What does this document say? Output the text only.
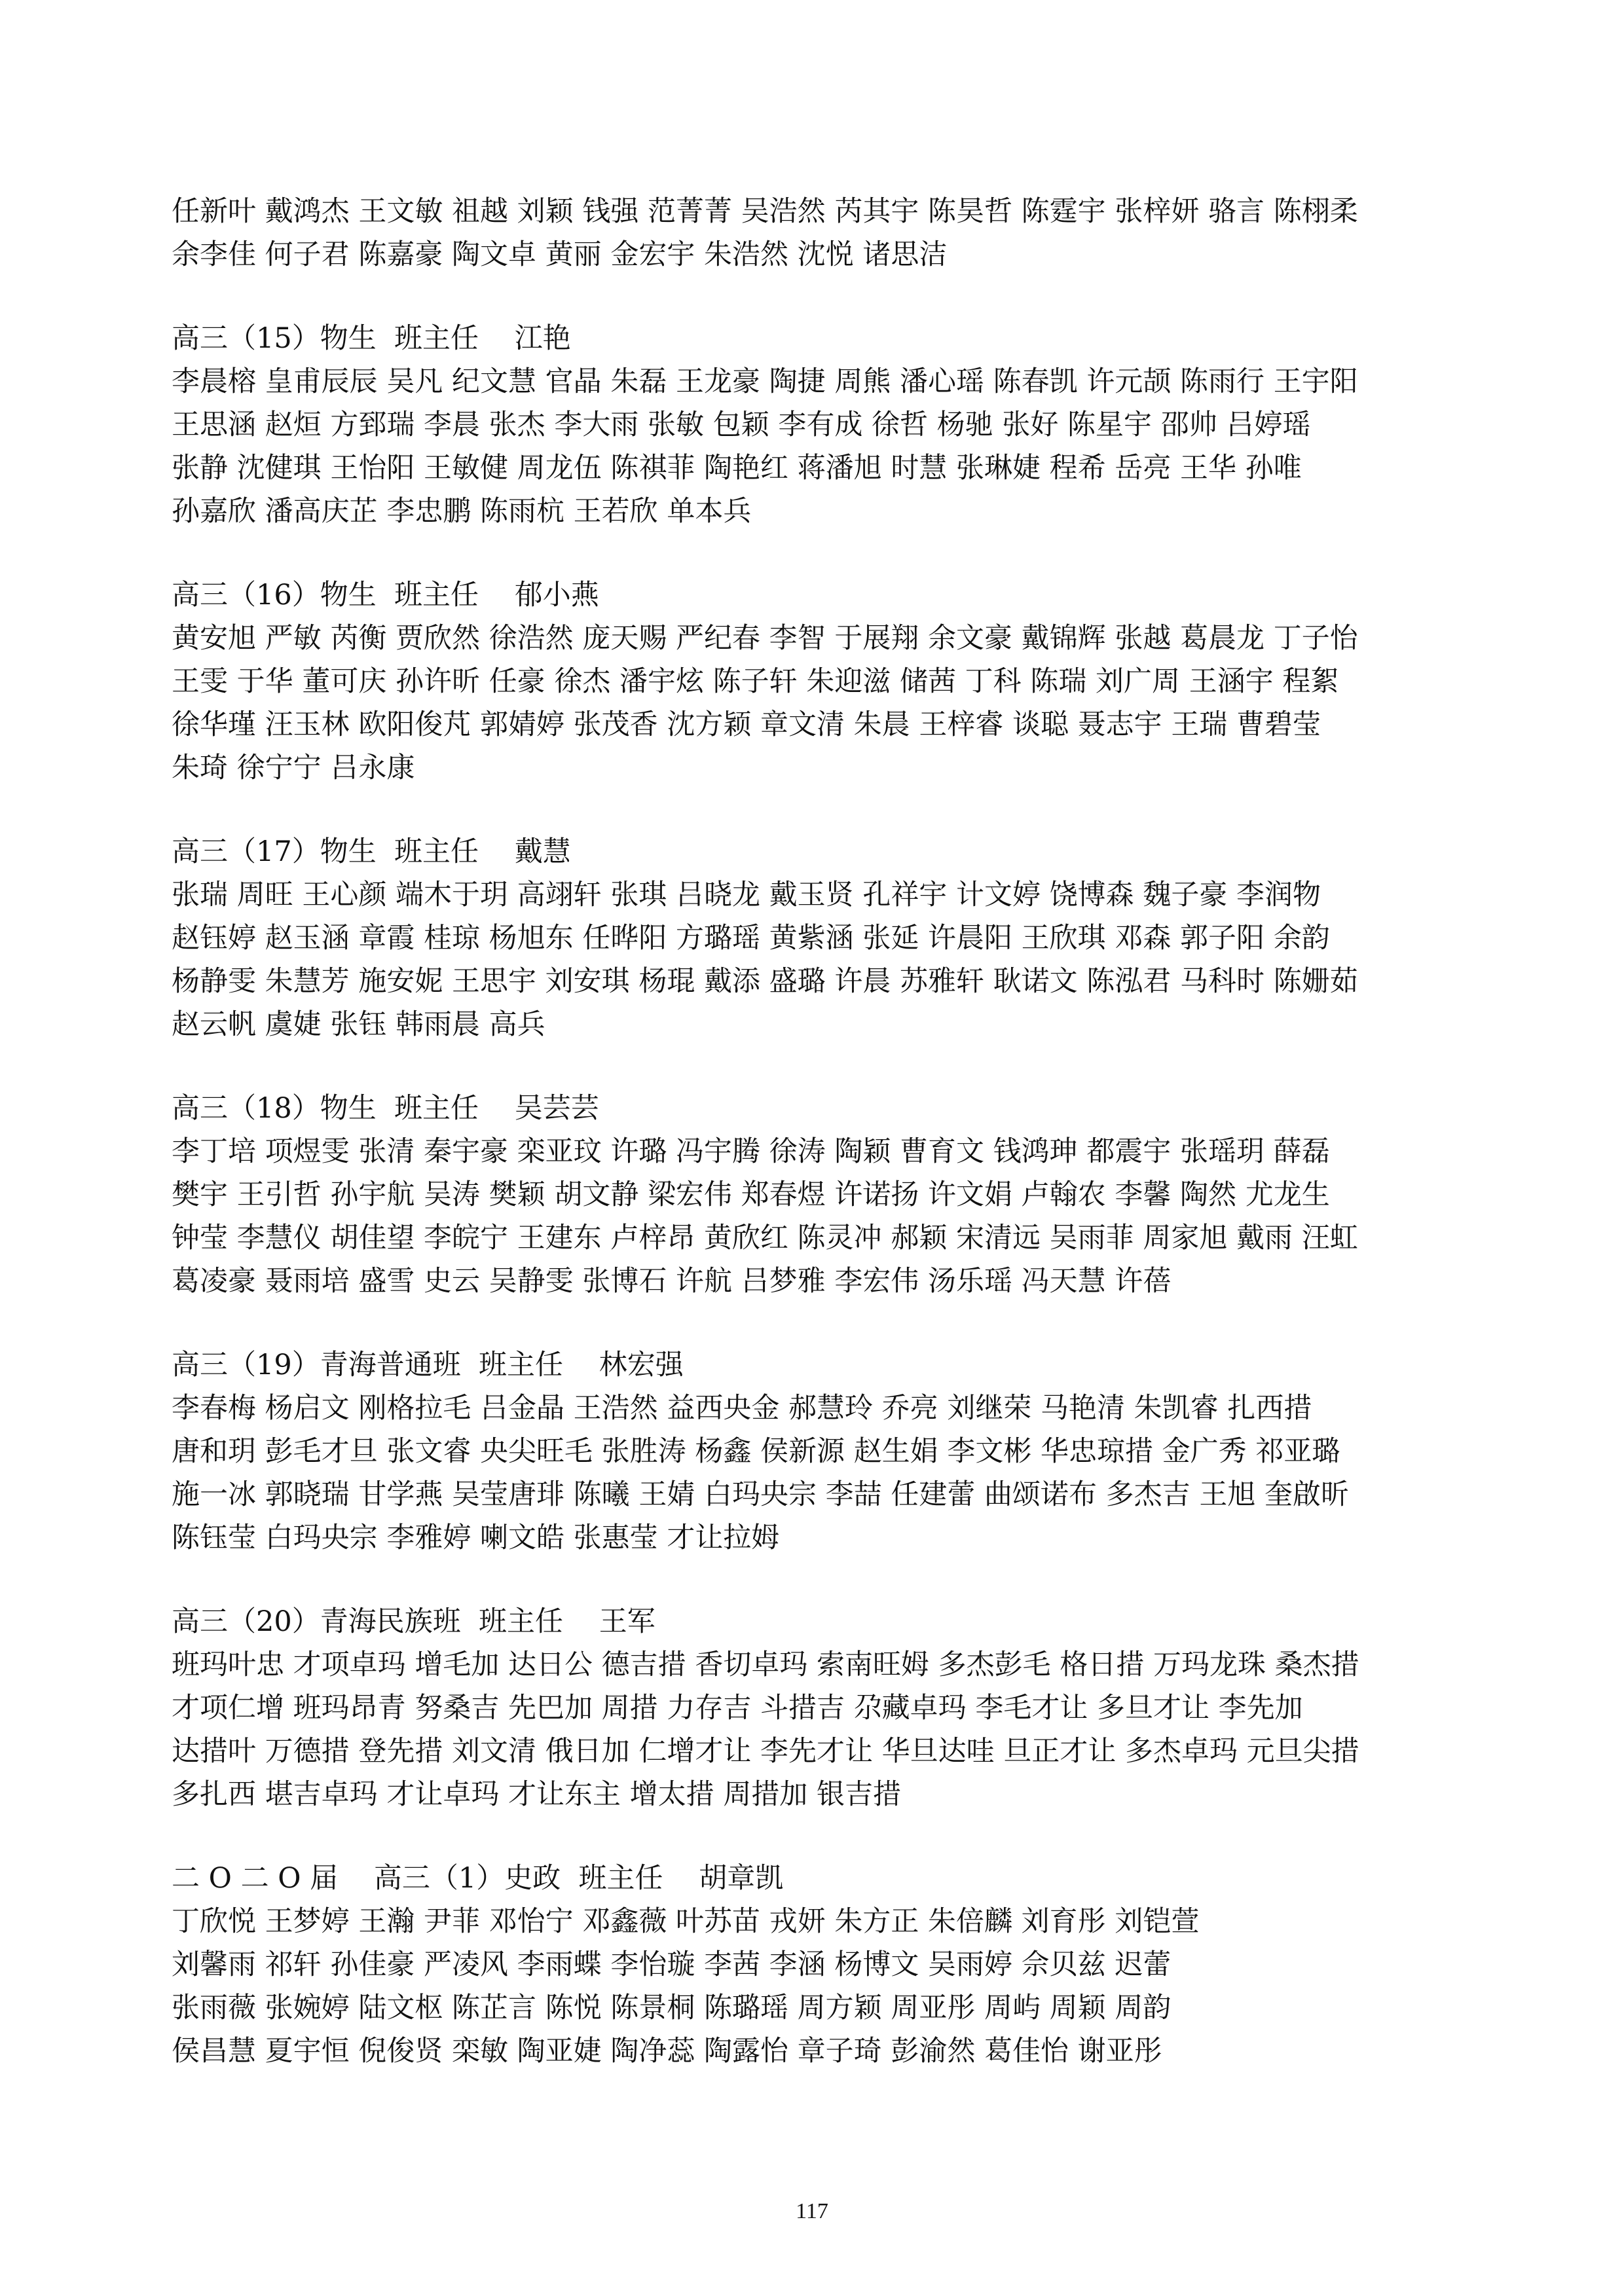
任新叶 戴鸿杰 王文敏 祖越 刘颖 钱强 范菁菁 吴浩然 芮其宇 陈昊哲 陈霆宇 张梓妍 骆言 陈栩柔
余李佳 何子君 陈嘉豪 陶文卓 黄丽 金宏宇 朱浩然 沈悦 诸思洁
高三（15）物生  班主任    江艳
李晨榕 皇甫辰辰 吴凡 纪文慧 官晶 朱磊 王龙豪 陶捷 周熊 潘心瑶 陈春凯 许元颉 陈雨行 王宇阳
王思涵 赵烜 方郅瑞 李晨 张杰 李大雨 张敏 包颖 李有成 徐哲 杨驰 张好 陈星宇 邵帅 吕婷瑶
张静 沈健琪 王怡阳 王敏健 周龙伍 陈祺菲 陶艳红 蒋潘旭 时慧 张琳婕 程希 岳亮 王华 孙唯
孙嘉欣 潘高庆芷 李忠鹏 陈雨杭 王若欣 单本兵
高三（16）物生  班主任    郁小燕
黄安旭 严敏 芮衡 贾欣然 徐浩然 庞天赐 严纪春 李智 于展翔 余文豪 戴锦辉 张越 葛晨龙 丁子怡
王雯 于华 董可庆 孙许昕 任豪 徐杰 潘宇炫 陈子轩 朱迎滋 储茜 丁科 陈瑞 刘广周 王涵宇 程絮
徐华瑾 汪玉林 欧阳俊芃 郭婧婷 张茂香 沈方颖 章文清 朱晨 王梓睿 谈聪 聂志宇 王瑞 曹碧莹
朱琦 徐宁宁 吕永康
高三（17）物生  班主任    戴慧
张瑞 周旺 王心颜 端木于玥 高翊轩 张琪 吕晓龙 戴玉贤 孔祥宇 计文婷 饶博森 魏子豪 李润物
赵钰婷 赵玉涵 章霞 桂琼 杨旭东 任晔阳 方璐瑶 黄紫涵 张延 许晨阳 王欣琪 邓森 郭子阳 余韵
杨静雯 朱慧芳 施安妮 王思宇 刘安琪 杨琨 戴添 盛璐 许晨 苏雅轩 耿诺文 陈泓君 马科时 陈姗茹
赵云帆 虞婕 张钰 韩雨晨 高兵
高三（18）物生  班主任    吴芸芸
李丁培 项煜雯 张清 秦宇豪 栾亚玟 许璐 冯宇腾 徐涛 陶颖 曹育文 钱鸿珅 都震宇 张瑶玥 薛磊
樊宇 王引哲 孙宇航 吴涛 樊颖 胡文静 梁宏伟 郑春煜 许诺扬 许文娟 卢翰农 李馨 陶然 尤龙生
钟莹 李慧仪 胡佳望 李皖宁 王建东 卢梓昂 黄欣红 陈灵冲 郝颖 宋清远 吴雨菲 周家旭 戴雨 汪虹
葛凌豪 聂雨培 盛雪 史云 吴静雯 张博石 许航 吕梦雅 李宏伟 汤乐瑶 冯天慧 许蓓
高三（19）青海普通班  班主任    林宏强
李春梅 杨启文 刚格拉毛 吕金晶 王浩然 益西央金 郝慧玲 乔亮 刘继荣 马艳清 朱凯睿 扎西措
唐和玥 彭毛才旦 张文睿 央尖旺毛 张胜涛 杨鑫 侯新源 赵生娟 李文彬 华忠琼措 金广秀 祁亚璐
施一冰 郭晓瑞 甘学燕 吴莹唐琲 陈曦 王婧 白玛央宗 李喆 任建蕾 曲颂诺布 多杰吉 王旭 奎啟昕
陈钰莹 白玛央宗 李雅婷 喇文皓 张惠莹 才让拉姆
高三（20）青海民族班  班主任    王军
班玛叶忠 才项卓玛 增毛加 达日公 德吉措 香切卓玛 索南旺姆 多杰彭毛 格日措 万玛龙珠 桑杰措
才项仁增 班玛昂青 努桑吉 先巴加 周措 力存吉 斗措吉 尕藏卓玛 李毛才让 多旦才让 李先加
达措叶 万德措 登先措 刘文清 俄日加 仁增才让 李先才让 华旦达哇 旦正才让 多杰卓玛 元旦尖措
多扎西 堪吉卓玛 才让卓玛 才让东主 增太措 周措加 银吉措
二 O 二 O 届    高三（1）史政  班主任    胡章凯
丁欣悦 王梦婷 王瀚 尹菲 邓怡宁 邓鑫薇 叶苏苗 戎妍 朱方正 朱倍麟 刘育彤 刘铠萱
刘馨雨 祁轩 孙佳豪 严凌风 李雨蝶 李怡璇 李茜 李涵 杨博文 吴雨婷 佘贝兹 迟蕾
张雨薇 张婉婷 陆文枢 陈芷言 陈悦 陈景桐 陈璐瑶 周方颖 周亚彤 周屿 周颖 周韵
侯昌慧 夏宇恒 倪俊贤 栾敏 陶亚婕 陶净蕊 陶露怡 章子琦 彭渝然 葛佳怡 谢亚彤
117
